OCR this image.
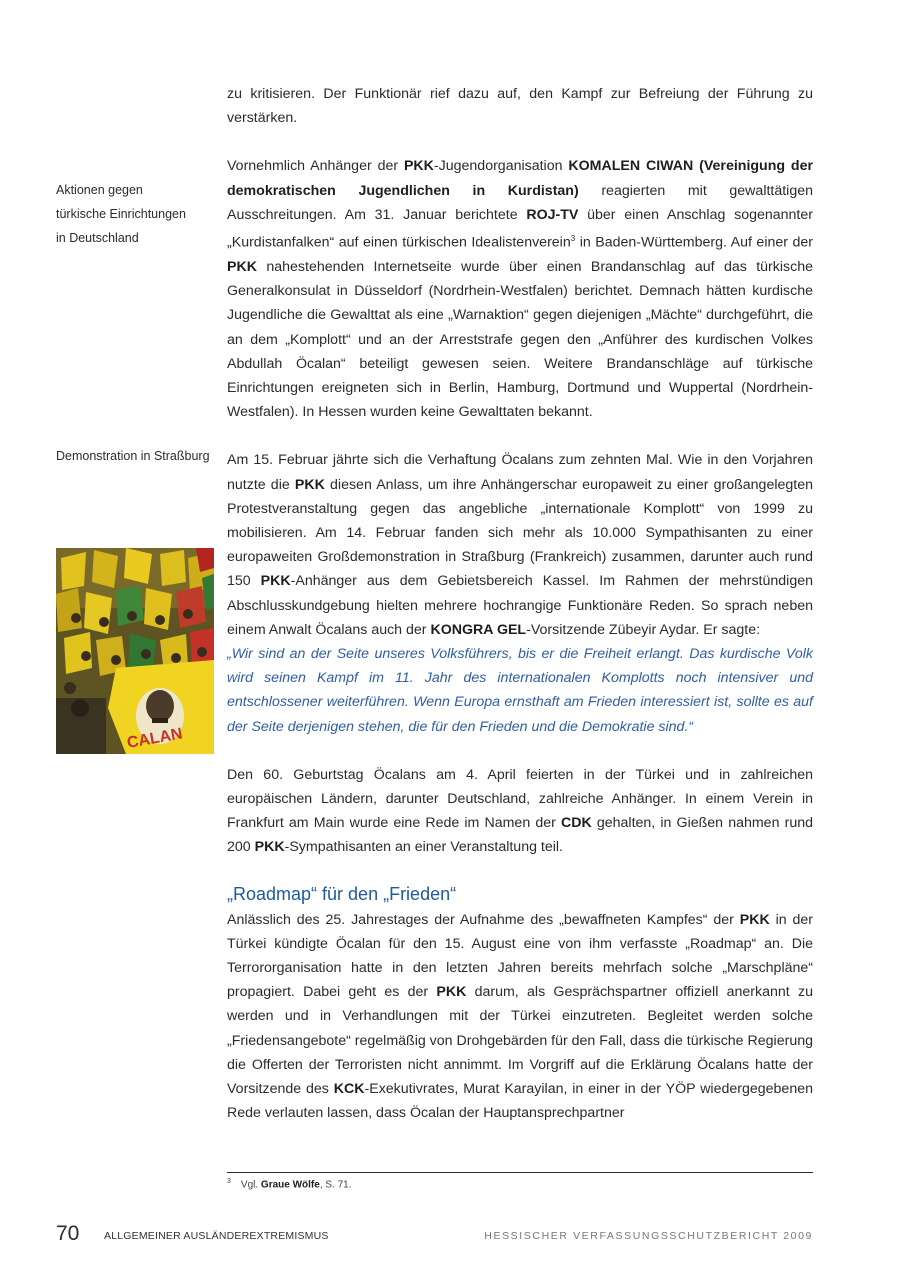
Aktionen gegen
türkische Einrichtungen
in Deutschland
Demonstration in Straßburg
CALAN

zu kritisieren. Der Funktionär rief dazu auf, den Kampf zur Befreiung der Führung zu verstärken.

Vornehmlich Anhänger der PKK-Jugendorganisation KOMALEN CIWAN (Vereinigung der demokratischen Jugendlichen in Kurdistan) reagierten mit gewalttätigen Ausschreitungen. Am 31. Januar berichtete ROJ-TV über einen Anschlag sogenannter „Kurdistanfalken“ auf einen türkischen Idealistenverein$^3$ in Baden-Württemberg. Auf einer der PKK nahestehenden Internetseite wurde über einen Brandanschlag auf das türkische Generalkonsulat in Düsseldorf (Nordrhein-Westfalen) berichtet. Demnach hätten kurdische Jugendliche die Gewalttat als eine „Warnaktion“ gegen diejenigen „Mächte“ durchgeführt, die an dem „Komplott“ und an der Arreststrafe gegen den „Anführer des kurdischen Volkes Abdullah Öcalan“ beteiligt gewesen seien. Weitere Brandanschläge auf türkische Einrichtungen ereigneten sich in Berlin, Hamburg, Dortmund und Wuppertal (Nordrhein-Westfalen). In Hessen wurden keine Gewalttaten bekannt.

Am 15. Februar jährte sich die Verhaftung Öcalans zum zehnten Mal. Wie in den Vorjahren nutzte die PKK diesen Anlass, um ihre Anhängerschar europaweit zu einer großangelegten Protestveranstaltung gegen das angebliche „internationale Komplott“ von 1999 zu mobilisieren. Am 14. Februar fanden sich mehr als 10.000 Sympathisanten zu einer europaweiten Großdemonstration in Straßburg (Frankreich) zusammen, darunter auch rund 150 PKK-Anhänger aus dem Gebietsbereich Kassel. Im Rahmen der mehrstündigen Abschlusskundgebung hielten mehrere hochrangige Funktionäre Reden. So sprach neben einem Anwalt Öcalans auch der KONGRA GEL-Vorsitzende Zübeyir Aydar. Er sagte:

„Wir sind an der Seite unseres Volksführers, bis er die Freiheit erlangt. Das kurdische Volk wird seinen Kampf im 11. Jahr des internationalen Komplotts noch intensiver und entschlossener weiterführen. Wenn Europa ernsthaft am Frieden interessiert ist, sollte es auf der Seite derjenigen stehen, die für den Frieden und die Demokratie sind.“

Den 60. Geburtstag Öcalans am 4. April feierten in der Türkei und in zahlreichen europäischen Ländern, darunter Deutschland, zahlreiche Anhänger. In einem Verein in Frankfurt am Main wurde eine Rede im Namen der CDK gehalten, in Gießen nahmen rund 200 PKK-Sympathisanten an einer Veranstaltung teil.

„Roadmap“ für den „Frieden“

Anlässlich des 25. Jahrestages der Aufnahme des „bewaffneten Kampfes“ der PKK in der Türkei kündigte Öcalan für den 15. August eine von ihm verfasste „Roadmap“ an. Die Terrororganisation hatte in den letzten Jahren bereits mehrfach solche „Marschpläne“ propagiert. Dabei geht es der PKK darum, als Gesprächspartner offiziell anerkannt zu werden und in Verhandlungen mit der Türkei einzutreten. Begleitet werden solche „Friedensangebote“ regelmäßig von Drohgebärden für den Fall, dass die türkische Regierung die Offerten der Terroristen nicht annimmt. Im Vorgriff auf die Erklärung Öcalans hatte der Vorsitzende des KCK-Exekutivrates, Murat Karayilan, in einer in der YÖP wiedergegebenen Rede verlauten lassen, dass Öcalan der Hauptansprechpartner

$^3$ Vgl. Graue Wölfe, S. 71.
70 ALLGEMEINER AUSLÄNDEREXTREMISMUS	HESSISCHER VERFASSUNGSSCHUTZBERICHT 2009
